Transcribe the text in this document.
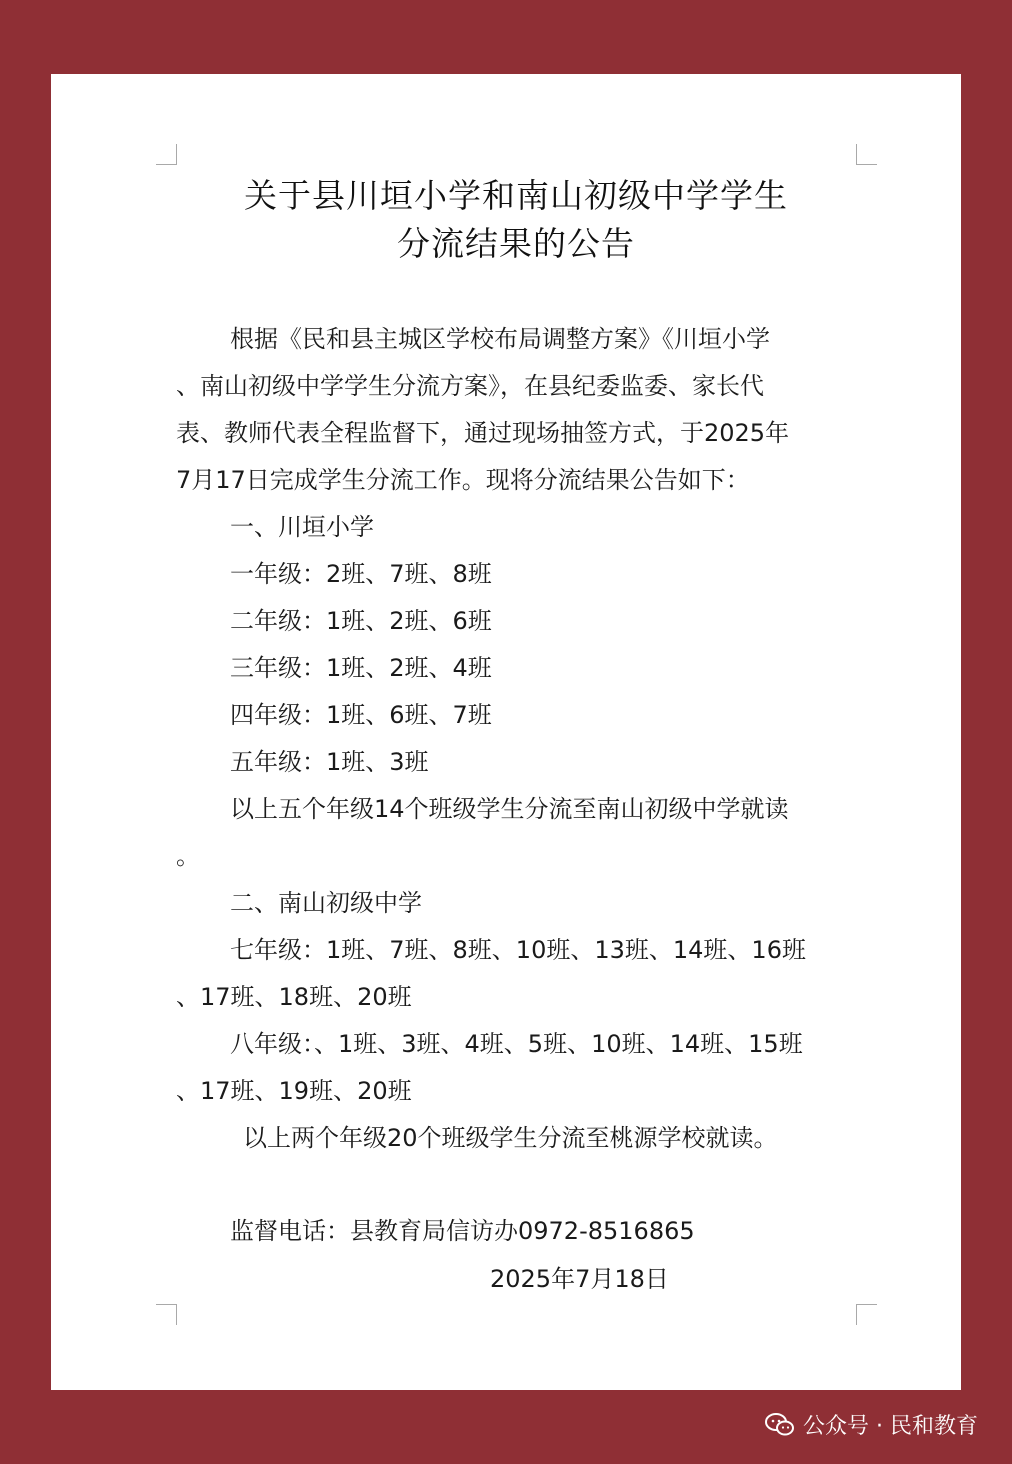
关于县川垣小学和南山初级中学学生
分流结果的公告
根据《民和县主城区学校布局调整方案》《川垣小学
、南山初级中学学生分流方案》，在县纪委监委、家长代
表、教师代表全程监督下，通过现场抽签方式，于2025年
7月17日完成学生分流工作。现将分流结果公告如下：
一、川垣小学
一年级：2班、7班、8班
二年级：1班、2班、6班
三年级：1班、2班、4班
四年级：1班、6班、7班
五年级：1班、3班
以上五个年级14个班级学生分流至南山初级中学就读
。
二、南山初级中学
七年级：1班、7班、8班、10班、13班、14班、16班
、17班、18班、20班
八年级：、1班、3班、4班、5班、10班、14班、15班
、17班、19班、20班
以上两个年级20个班级学生分流至桃源学校就读。
监督电话：县教育局信访办0972-8516865
2025年7月18日
公众号 · 民和教育
